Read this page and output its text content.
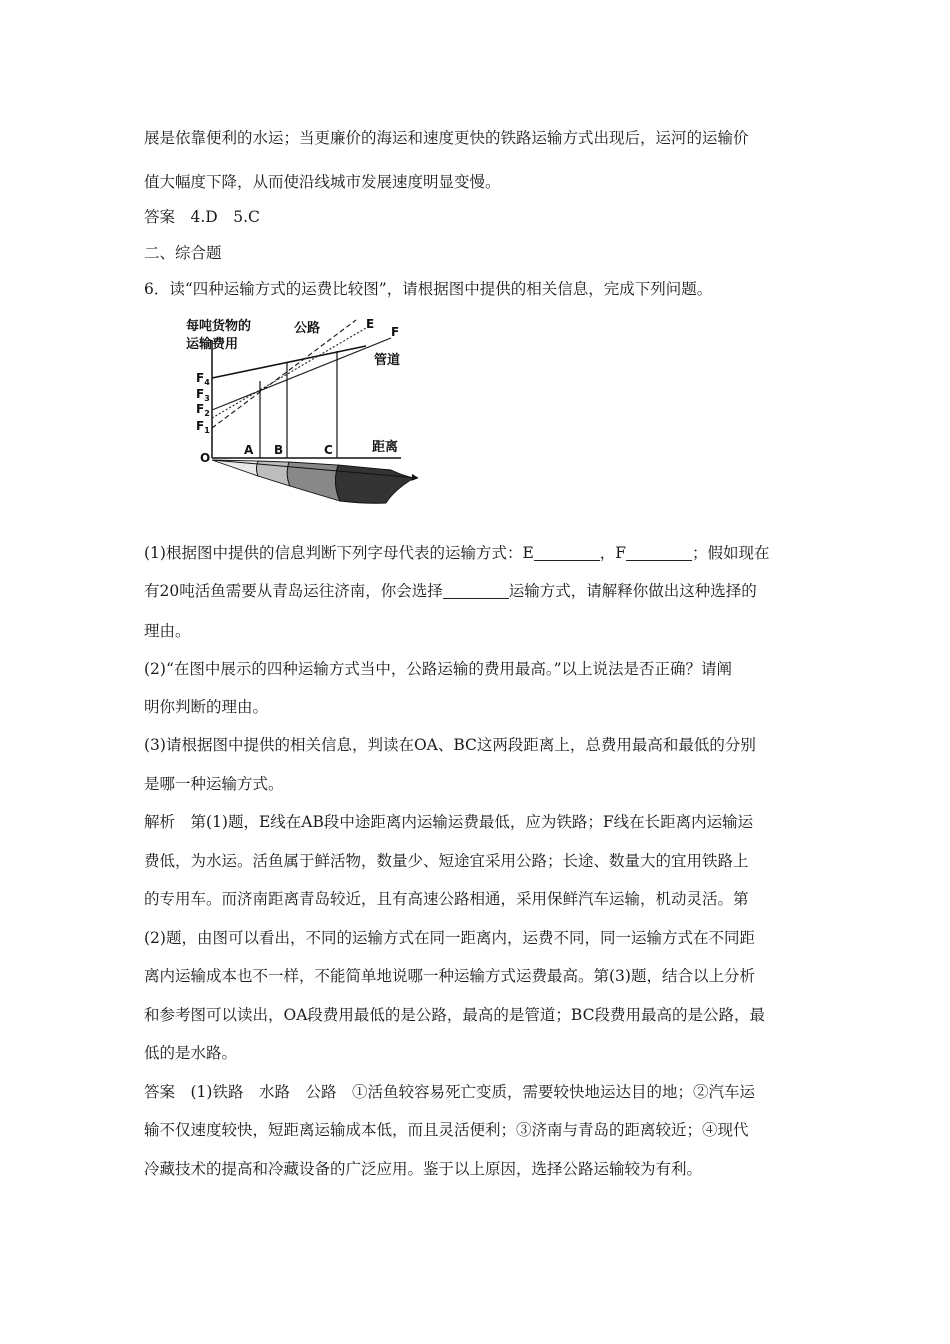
展是依靠便利的水运；当更廉价的海运和速度更快的铁路运输方式出现后，运河的运输价
值大幅度下降，从而使沿线城市发展速度明显变慢。
答案　4.D　5.C
二、综合题
6．读“四种运输方式的运费比较图”，请根据图中提供的相关信息，完成下列问题。
每吨货物的
运输费用
公路	E
F
管道
$F_4$
$F_3$
$F_2$
$F_1$
O
A B	C	距离
(1)根据图中提供的信息判断下列字母代表的运输方式：E	，F	；假如现在
有20吨活鱼需要从青岛运往济南，你会选择	运输方式，请解释你做出这种选择的
理由。
(2)“在图中展示的四种运输方式当中，公路运输的费用最高。”以上说法是否正确？请阐
明你判断的理由。
(3)请根据图中提供的相关信息，判读在OA、BC这两段距离上，总费用最高和最低的分别
是哪一种运输方式。
解析　第(1)题，E线在AB段中途距离内运输运费最低，应为铁路；F线在长距离内运输运
费低，为水运。活鱼属于鲜活物，数量少、短途宜采用公路；长途、数量大的宜用铁路上
的专用车。而济南距离青岛较近，且有高速公路相通，采用保鲜汽车运输，机动灵活。第
(2)题，由图可以看出，不同的运输方式在同一距离内，运费不同，同一运输方式在不同距
离内运输成本也不一样，不能简单地说哪一种运输方式运费最高。第(3)题，结合以上分析
和参考图可以读出，OA段费用最低的是公路，最高的是管道；BC段费用最高的是公路，最
低的是水路。
答案　(1)铁路　水路　公路　①活鱼较容易死亡变质，需要较快地运达目的地；②汽车运
输不仅速度较快，短距离运输成本低，而且灵活便利；③济南与青岛的距离较近；④现代
冷藏技术的提高和冷藏设备的广泛应用。鉴于以上原因，选择公路运输较为有利。
